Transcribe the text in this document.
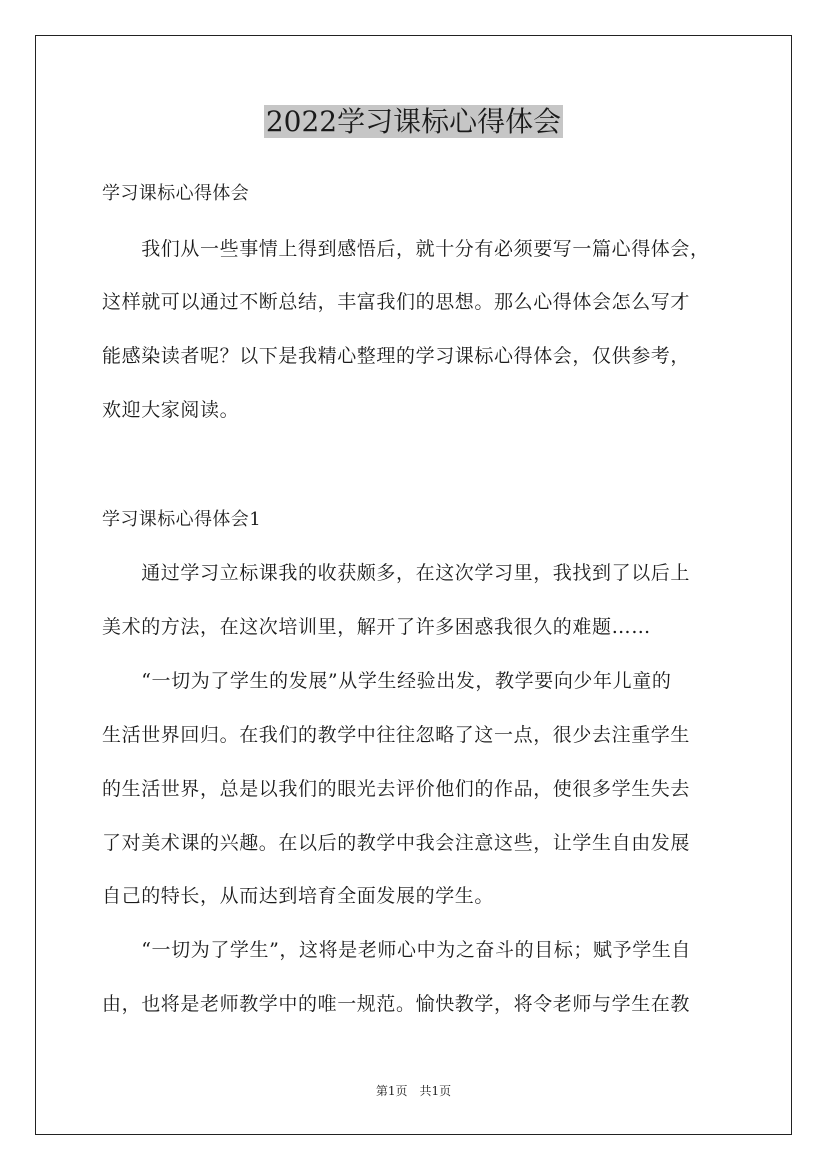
2022学习课标心得体会
学习课标心得体会
　　我们从一些事情上得到感悟后，就十分有必须要写一篇心得体会，
这样就可以通过不断总结，丰富我们的思想。那么心得体会怎么写才
能感染读者呢？以下是我精心整理的学习课标心得体会，仅供参考，
欢迎大家阅读。
学习课标心得体会1
　　通过学习立标课我的收获颇多，在这次学习里，我找到了以后上
美术的方法，在这次培训里，解开了许多困惑我很久的难题……
　　“一切为了学生的发展”从学生经验出发，教学要向少年儿童的
生活世界回归。在我们的教学中往往忽略了这一点，很少去注重学生
的生活世界，总是以我们的眼光去评价他们的作品，使很多学生失去
了对美术课的兴趣。在以后的教学中我会注意这些，让学生自由发展
自己的特长，从而达到培育全面发展的学生。
　　“一切为了学生”，这将是老师心中为之奋斗的目标；赋予学生自
由，也将是老师教学中的唯一规范。愉快教学，将令老师与学生在教
第1页　共1页
